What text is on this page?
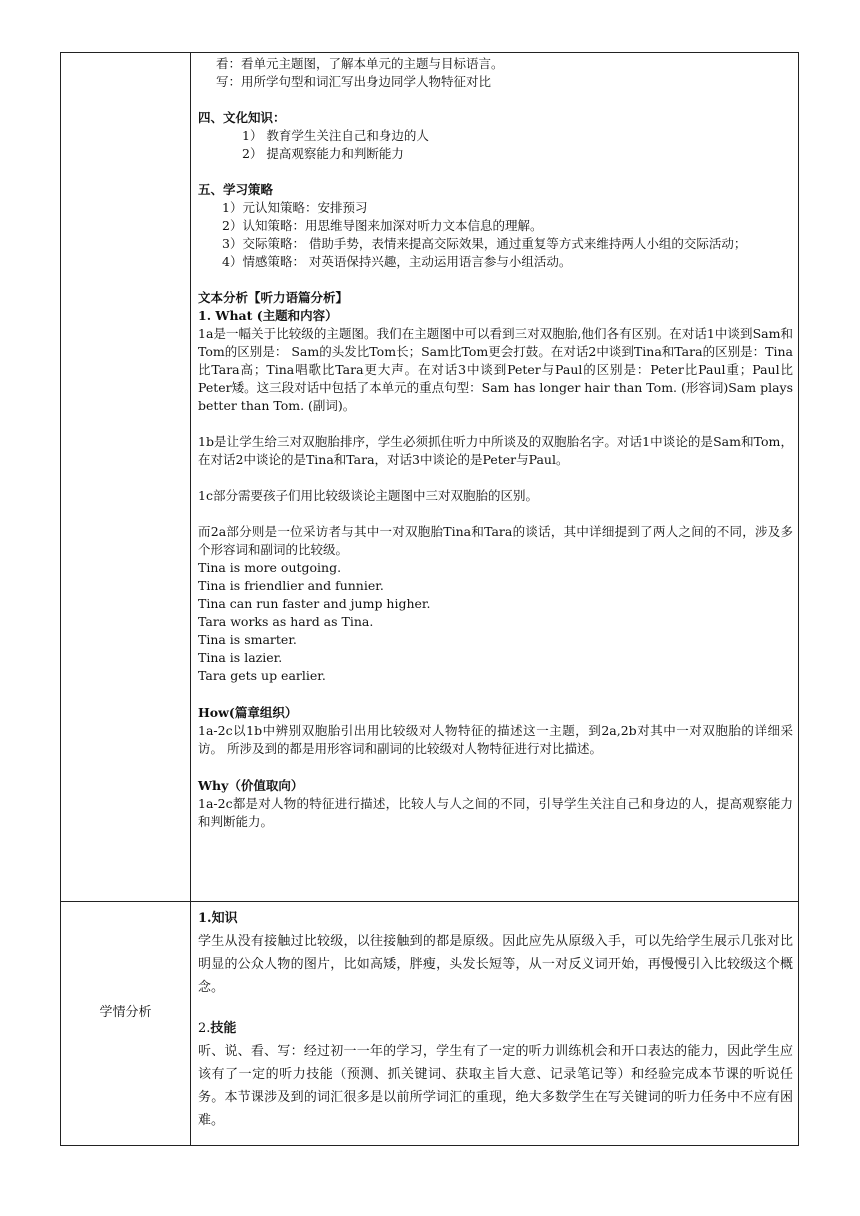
看：看单元主题图，了解本单元的主题与目标语言。
写：用所学句型和词汇写出身边同学人物特征对比
四、文化知识：
1） 教育学生关注自己和身边的人
2） 提高观察能力和判断能力
五、学习策略
1）元认知策略：安排预习
2）认知策略：用思维导图来加深对听力文本信息的理解。
3）交际策略： 借助手势，表情来提高交际效果，通过重复等方式来维持两人小组的交际活动；
4）情感策略： 对英语保持兴趣，主动运用语言参与小组活动。
文本分析【听力语篇分析】
1. What (主题和内容）
1a是一幅关于比较级的主题图。我们在主题图中可以看到三对双胞胎,他们各有区别。在对话1中谈到Sam和Tom的区别是： Sam的头发比Tom长；Sam比Tom更会打鼓。在对话2中谈到Tina和Tara的区别是：Tina比Tara高；Tina唱歌比Tara更大声。在对话3中谈到Peter与Paul的区别是：Peter比Paul重；Paul比Peter矮。这三段对话中包括了本单元的重点句型：Sam has longer hair than Tom. (形容词)Sam plays better than Tom. (副词)。
1b是让学生给三对双胞胎排序，学生必须抓住听力中所谈及的双胞胎名字。对话1中谈论的是Sam和Tom，在对话2中谈论的是Tina和Tara，对话3中谈论的是Peter与Paul。
1c部分需要孩子们用比较级谈论主题图中三对双胞胎的区别。
而2a部分则是一位采访者与其中一对双胞胎Tina和Tara的谈话，其中详细提到了两人之间的不同，涉及多个形容词和副词的比较级。
Tina is more outgoing.
Tina is friendlier and funnier.
Tina can run faster and jump higher.
Tara works as hard as Tina.
Tina is smarter.
Tina is lazier.
Tara gets up earlier.
How(篇章组织）
1a-2c以1b中辨别双胞胎引出用比较级对人物特征的描述这一主题，到2a,2b对其中一对双胞胎的详细采访。 所涉及到的都是用形容词和副词的比较级对人物特征进行对比描述。
Why（价值取向）
1a-2c都是对人物的特征进行描述，比较人与人之间的不同，引导学生关注自己和身边的人，提高观察能力和判断能力。
学情分析
1.知识
学生从没有接触过比较级，以往接触到的都是原级。因此应先从原级入手，可以先给学生展示几张对比明显的公众人物的图片，比如高矮，胖瘦，头发长短等，从一对反义词开始，再慢慢引入比较级这个概念。
2.技能
听、说、看、写：经过初一一年的学习，学生有了一定的听力训练机会和开口表达的能力，因此学生应该有了一定的听力技能（预测、抓关键词、获取主旨大意、记录笔记等）和经验完成本节课的听说任务。本节课涉及到的词汇很多是以前所学词汇的重现，绝大多数学生在写关键词的听力任务中不应有困难。
